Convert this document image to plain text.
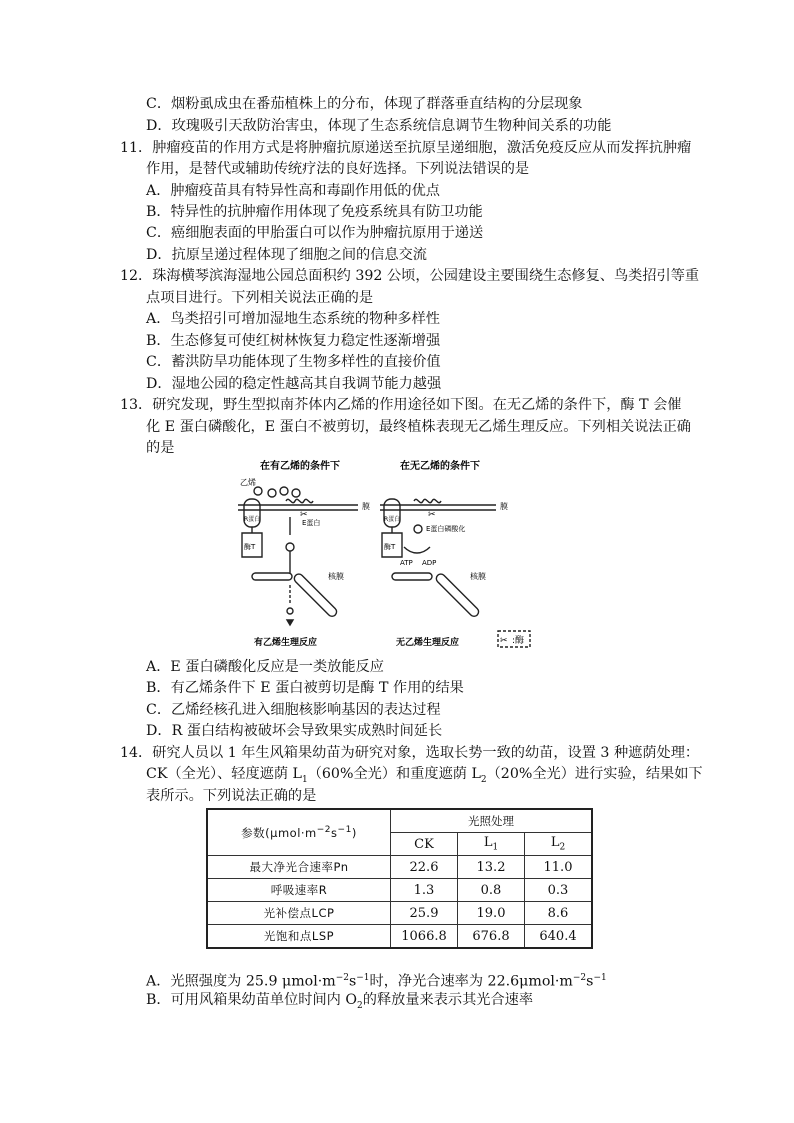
C．烟粉虱成虫在番茄植株上的分布，体现了群落垂直结构的分层现象
D．玫瑰吸引天敌防治害虫，体现了生态系统信息调节生物种间关系的功能
11．肿瘤疫苗的作用方式是将肿瘤抗原递送至抗原呈递细胞，激活免疫反应从而发挥抗肿瘤
作用，是替代或辅助传统疗法的良好选择。下列说法错误的是
A．肿瘤疫苗具有特异性高和毒副作用低的优点
B．特异性的抗肿瘤作用体现了免疫系统具有防卫功能
C．癌细胞表面的甲胎蛋白可以作为肿瘤抗原用于递送
D．抗原呈递过程体现了细胞之间的信息交流
12．珠海横琴滨海湿地公园总面积约 392 公顷，公园建设主要围绕生态修复、鸟类招引等重
点项目进行。下列相关说法正确的是
A．鸟类招引可增加湿地生态系统的物种多样性
B．生态修复可使红树林恢复力稳定性逐渐增强
C．蓄洪防旱功能体现了生物多样性的直接价值
D．湿地公园的稳定性越高其自我调节能力越强
13．研究发现，野生型拟南芥体内乙烯的作用途径如下图。在无乙烯的条件下，酶 T 会催
化 E 蛋白磷酸化，E 蛋白不被剪切，最终植株表现无乙烯生理反应。下列相关说法正确
的是
✂	✂
✂
在有乙烯的条件下	在无乙烯的条件下
乙烯
膜	膜
R蛋白	R蛋白
酶T	酶T
E蛋白
E蛋白磷酸化
ATP ADP
核膜	核膜
有乙烯生理反应	无乙烯生理反应	:酶
A．E 蛋白磷酸化反应是一类放能反应
B．有乙烯条件下 E 蛋白被剪切是酶 T 作用的结果
C．乙烯经核孔进入细胞核影响基因的表达过程
D．R 蛋白结构被破坏会导致果实成熟时间延长
14．研究人员以 1 年生风箱果幼苗为研究对象，选取长势一致的幼苗，设置 3 种遮荫处理：
CK（全光）、轻度遮荫 $L_1(60\%$全光）和重度遮荫 $L_2(20\%$全光）进行实验，结果如下
表所示。下列说法正确的是
参数$(\mu mol\cdot m^{-2}s^{-1})$	光照处理		
	CK	$L_1$	$L_2$
最大净光合速率Pn	22.6	13.2	11.0
呼吸速率R	1.3	0.8	0.3
光补偿点LCP	25.9	19.0	8.6
光饱和点LSP	1066.8	676.8	640.4
A．光照强度为 25.9 $\mu mol\cdot m^{-2}s^{-1}$时，净光合速率为 $22.6\mu mol\cdot m^{-2}s^{-1}$
B．可用风箱果幼苗单位时间内 $O_2$的释放量来表示其光合速率
